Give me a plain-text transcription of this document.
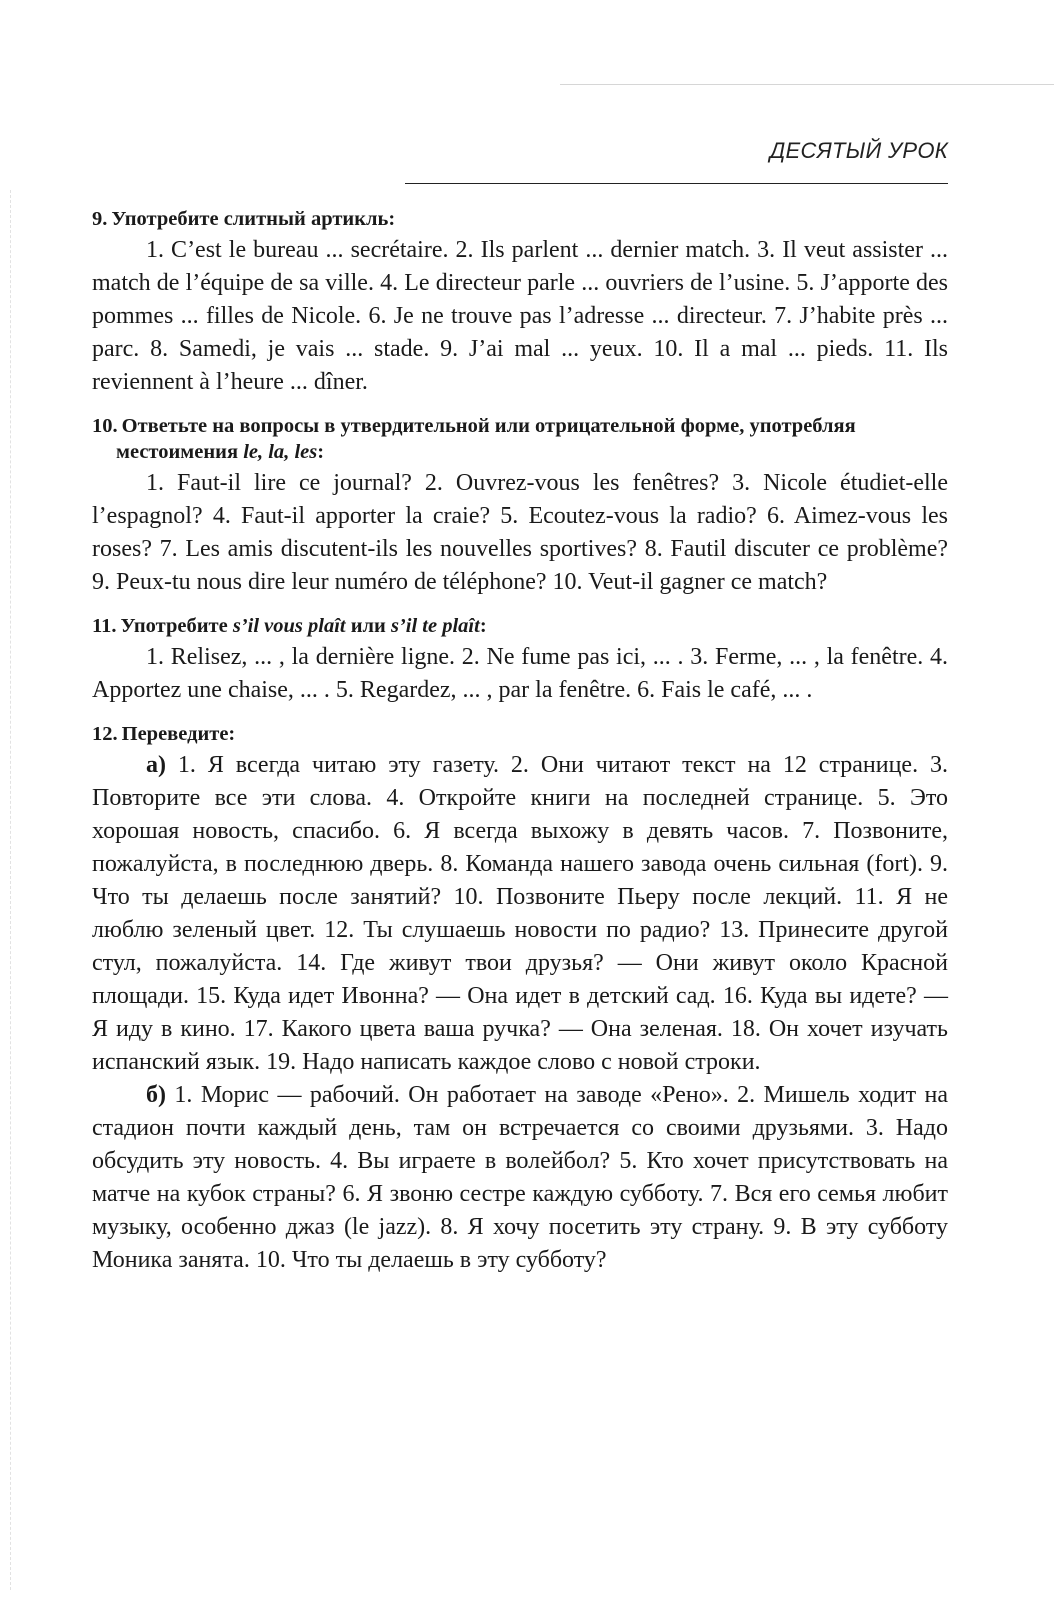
ДЕСЯТЫЙ УРОК
9. Употребите слитный артикль:

1. C’est le bureau ... secrétaire. 2. Ils parlent ... dernier match. 3. Il veut assister ... match de l’équipe de sa ville. 4. Le directeur parle ... ouvriers de l’usine. 5. J’apporte des pommes ... filles de Nicole. 6. Je ne trouve pas l’adresse ... directeur. 7. J’habite près ... parc. 8. Samedi, je vais ... stade. 9. J’ai mal ... yeux. 10. Il a mal ... pieds. 11. Ils reviennent à l’heure ... dîner.

10. Ответьте на вопросы в утвердительной или отрицательной форме, употребляя местоимения le, la, les:

1. Faut-il lire ce journal? 2. Ouvrez-vous les fenêtres? 3. Nicole étudiet-elle l’espagnol? 4. Faut-il apporter la craie? 5. Ecoutez-vous la radio? 6. Aimez-vous les roses? 7. Les amis discutent-ils les nouvelles sportives? 8. Fautil discuter ce problème? 9. Peux-tu nous dire leur numéro de téléphone? 10. Veut-il gagner ce match?

11. Употребите s’il vous plaît или s’il te plaît:

1. Relisez, ... , la dernière ligne. 2. Ne fume pas ici, ... . 3. Ferme, ... , la fenêtre. 4. Apportez une chaise, ... . 5. Regardez, ... , par la fenêtre. 6. Fais le café, ... .

12. Переведите:

а) 1. Я всегда читаю эту газету. 2. Они читают текст на 12 странице. 3. Повторите все эти слова. 4. Откройте книги на последней странице. 5. Это хорошая новость, спасибо. 6. Я всегда выхожу в девять часов. 7. Позвоните, пожалуйста, в последнюю дверь. 8. Команда нашего завода очень сильная (fort). 9. Что ты делаешь после занятий? 10. Позвоните Пьеру после лекций. 11. Я не люблю зеленый цвет. 12. Ты слушаешь новости по радио? 13. Принесите другой стул, пожалуйста. 14. Где живут твои друзья? — Они живут около Красной площади. 15. Куда идет Ивонна? — Она идет в детский сад. 16. Куда вы идете? — Я иду в кино. 17. Какого цвета ваша ручка? — Она зеленая. 18. Он хочет изучать испанский язык. 19. Надо написать каждое слово с новой строки.

б) 1. Морис — рабочий. Он работает на заводе «Рено». 2. Мишель ходит на стадион почти каждый день, там он встречается со своими друзьями. 3. Надо обсудить эту новость. 4. Вы играете в волейбол? 5. Кто хочет присутствовать на матче на кубок страны? 6. Я звоню сестре каждую субботу. 7. Вся его семья любит музыку, особенно джаз (le jazz). 8. Я хочу посетить эту страну. 9. В эту субботу Моника занята. 10. Что ты делаешь в эту субботу?
